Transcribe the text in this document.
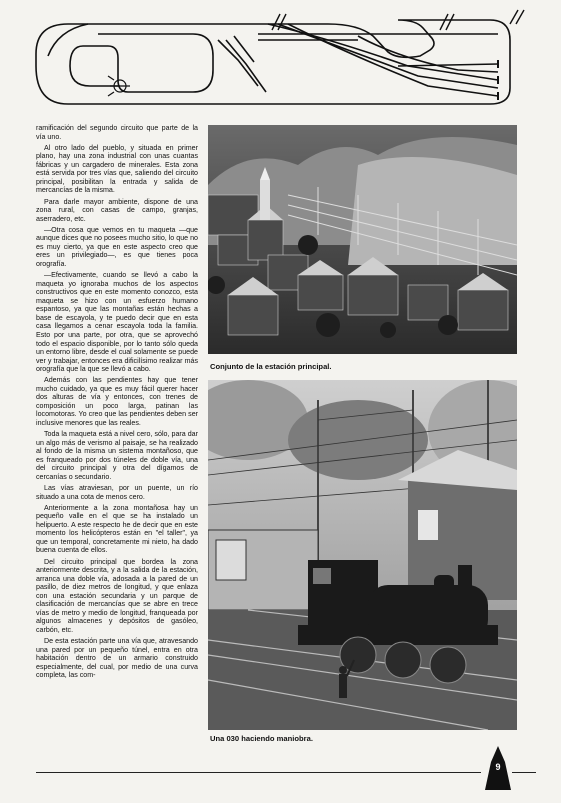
ramificación del segundo circuito que parte de la vía uno.

Al otro lado del pueblo, y situada en primer plano, hay una zona industrial con unas cuantas fábricas y un cargadero de minerales. Esta zona está servida por tres vías que, saliendo del circuito principal, posibilitan la entrada y salida de mercancías de la misma.

Para darle mayor ambiente, dispone de una zona rural, con casas de campo, granjas, aserradero, etc.

—Otra cosa que vemos en tu maqueta —que aunque dices que no posees mucho sitio, lo que no es muy cierto, ya que en este aspecto creo que eres un privilegiado—, es que tienes poca orografía.

—Efectivamente, cuando se llevó a cabo la maqueta yo ignoraba muchos de los aspectos constructivos que en este momento conozco, esta maqueta se hizo con un esfuerzo humano espantoso, ya que las montañas están hechas a base de escayola, y te puedo decir que en esta casa llegamos a cenar escayola toda la familia. Esto por una parte, por otra, que se aprovechó todo el espacio disponible, por lo tanto sólo queda un entorno libre, desde el cual solamente se puede ver y trabajar, entonces era dificilísimo realizar más orografía que la que se llevó a cabo.

Además con las pendientes hay que tener mucho cuidado, ya que es muy fácil querer hacer dos alturas de vía y entonces, con trenes de composición un poco larga, patinan las locomotoras. Yo creo que las pendientes deben ser inclusive menores que las reales.

Toda la maqueta está a nivel cero, sólo, para dar un algo más de verismo al paisaje, se ha realizado al fondo de la misma un sistema montañoso, que es franqueado por dos túneles de doble vía, una del circuito principal y otra del dígamos de cercanías o secundario.

Las vías atraviesan, por un puente, un río situado a una cota de menos cero.

Anteriormente a la zona montañosa hay un pequeño valle en el que se ha instalado un helipuerto. A este respecto he de decir que en este momento los helicópteros están en "el taller", ya que un temporal, concretamente mi nieto, ha dado buena cuenta de ellos.

Del circuito principal que bordea la zona anteriormente descrita, y a la salida de la estación, arranca una doble vía, adosada a la pared de un pasillo, de diez metros de longitud, y que enlaza con una estación secundaria y un parque de clasificación de mercancías que se abre en trece vías de metro y medio de longitud, franqueada por algunos almacenes y depósitos de gasóleo, carbón, etc.

De esta estación parte una vía que, atravesando una pared por un pequeño túnel, entra en otra habitación dentro de un armario construido especialmente, del cual, por medio de una curva completa, las com-

Conjunto de la estación principal.
Una 030 haciendo maniobra.
9
